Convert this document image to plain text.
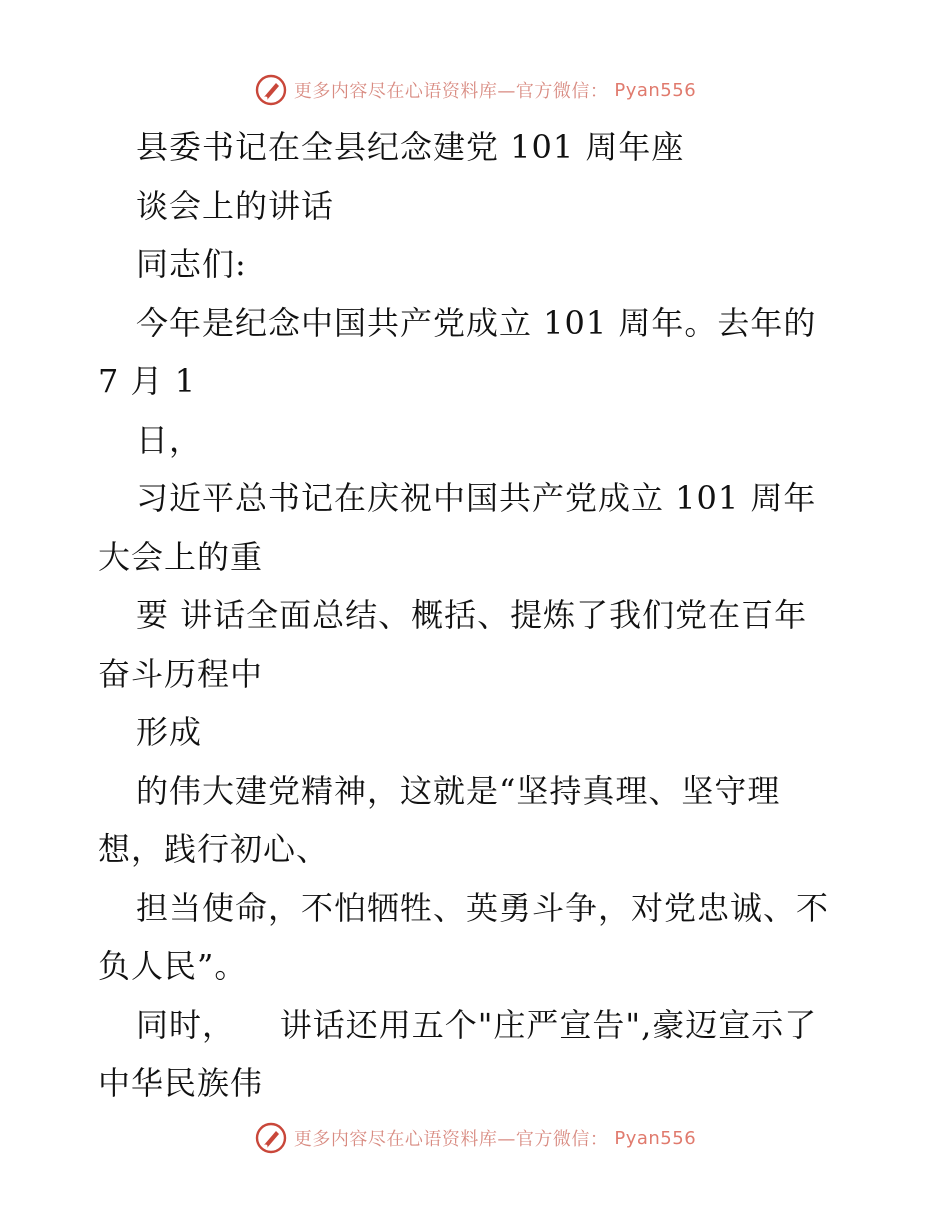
更多内容尽在心语资料库—官方微信： Pyan556
县委书记在全县纪念建党 101 周年座
谈会上的讲话
同志们:
今年是纪念中国共产党成立 101 周年。去年的
7 月 1
日，
习近平总书记在庆祝中国共产党成立 101 周年
大会上的重
要 讲话全面总结、概括、提炼了我们党在百年
奋斗历程中
形成
的伟大建党精神，这就是“坚持真理、坚守理
想，践行初心、
担当使命，不怕牺牲、英勇斗争，对党忠诚、不
负人民”。
同时，    讲话还用五个"庄严宣告",豪迈宣示了
中华民族伟
更多内容尽在心语资料库—官方微信： Pyan556
